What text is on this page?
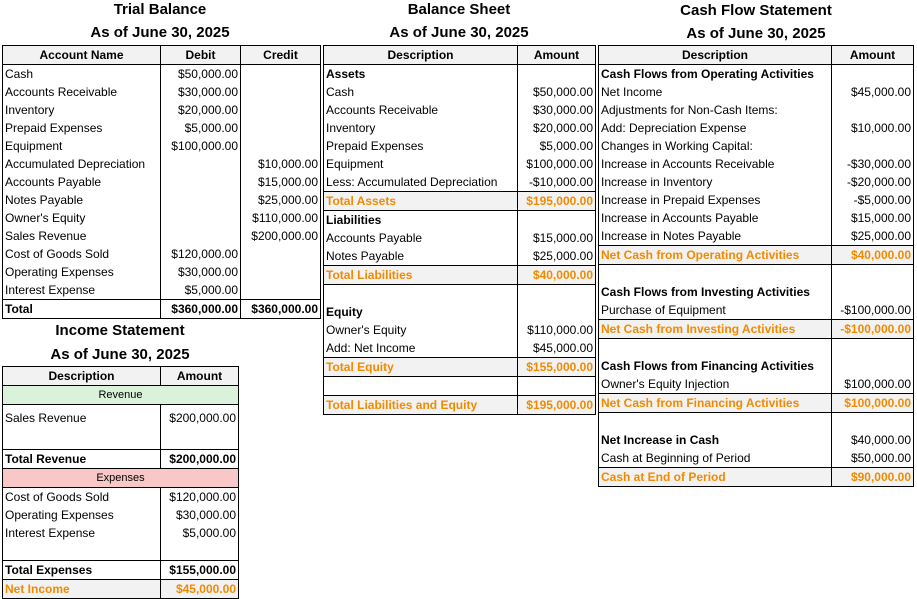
Trial Balance
As of June 30, 2025
Account Name	Debit	Credit
Cash	$50,000.00	
Accounts Receivable	$30,000.00	
Inventory	$20,000.00	
Prepaid Expenses	$5,000.00	
Equipment	$100,000.00	
Accumulated Depreciation		$10,000.00
Accounts Payable		$15,000.00
Notes Payable		$25,000.00
Owner's Equity		$110,000.00
Sales Revenue		$200,000.00
Cost of Goods Sold	$120,000.00	
Operating Expenses	$30,000.00	
Interest Expense	$5,000.00	
Total	$360,000.00	$360,000.00
Income Statement
As of June 30, 2025
Description	Amount
Revenue	
Sales Revenue	$200,000.00

Total Revenue	$200,000.00
Expenses	
Cost of Goods Sold	$120,000.00
Operating Expenses	$30,000.00
Interest Expense	$5,000.00

Total Expenses	$155,000.00
Net Income	$45,000.00
Balance Sheet
As of June 30, 2025
Description	Amount
Assets	
Cash	$50,000.00
Accounts Receivable	$30,000.00
Inventory	$20,000.00
Prepaid Expenses	$5,000.00
Equipment	$100,000.00
Less: Accumulated Depreciation	-$10,000.00
Total Assets	$195,000.00
Liabilities	
Accounts Payable	$15,000.00
Notes Payable	$25,000.00
Total Liabilities	$40,000.00

Equity	
Owner's Equity	$110,000.00
Add: Net Income	$45,000.00
Total Equity	$155,000.00

Total Liabilities and Equity	$195,000.00
Cash Flow Statement
As of June 30, 2025
Description	Amount
Cash Flows from Operating Activities	
Net Income	$45,000.00
Adjustments for Non-Cash Items:	
Add: Depreciation Expense	$10,000.00
Changes in Working Capital:	
Increase in Accounts Receivable	-$30,000.00
Increase in Inventory	-$20,000.00
Increase in Prepaid Expenses	-$5,000.00
Increase in Accounts Payable	$15,000.00
Increase in Notes Payable	$25,000.00
Net Cash from Operating Activities	$40,000.00

Cash Flows from Investing Activities	
Purchase of Equipment	-$100,000.00
Net Cash from Investing Activities	-$100,000.00

Cash Flows from Financing Activities	
Owner's Equity Injection	$100,000.00
Net Cash from Financing Activities	$100,000.00

Net Increase in Cash	$40,000.00
Cash at Beginning of Period	$50,000.00
Cash at End of Period	$90,000.00
